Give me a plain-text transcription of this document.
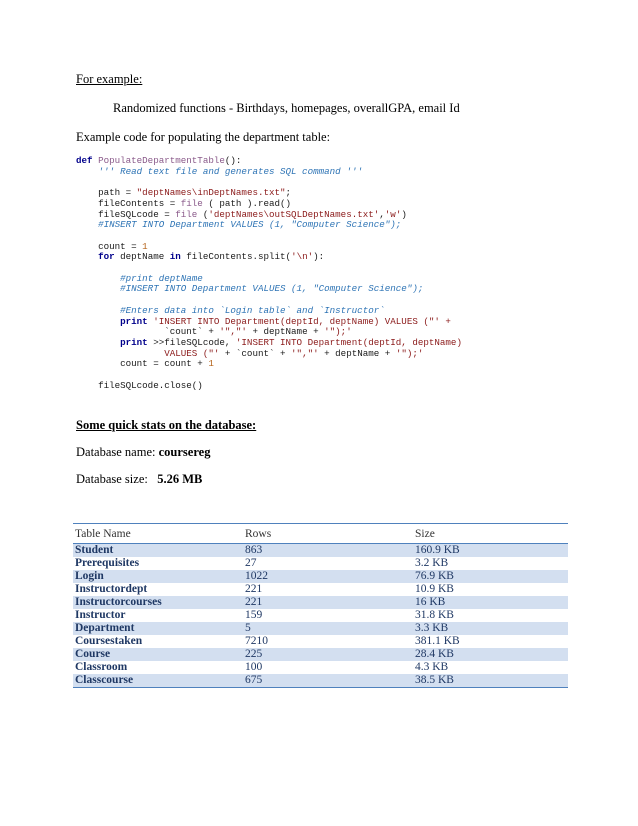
For example:
Randomized functions - Birthdays, homepages, overallGPA, email Id
Example code for populating the department table:
def PopulateDepartmentTable():
''' Read text file and generates SQL command '''

path = "deptNames\inDeptNames.txt";
fileContents = file ( path ).read()
fileSQLcode = file ('deptNames\outSQLDeptNames.txt','w')
#INSERT INTO Department VALUES (1, "Computer Science");

count = 1
for deptName in fileContents.split('\n'):

#print deptName
#INSERT INTO Department VALUES (1, "Computer Science");

#Enters data into `Login table` and `Instructor`
print 'INSERT INTO Department(deptId, deptName) VALUES ("' +
`count` + '","' + deptName + '");'
print >>fileSQLcode, 'INSERT INTO Department(deptId, deptName)
VALUES ("' + `count` + '","' + deptName + '");'
count = count + 1

fileSQLcode.close()
Some quick stats on the database:
Database name: coursereg
Database size:   5.26 MB
Table Name	Rows	Size
Student	863	160.9 KB
Prerequisites	27	3.2 KB
Login	1022	76.9 KB
Instructordept	221	10.9 KB
Instructorcourses	221	16 KB
Instructor	159	31.8 KB
Department	5	3.3 KB
Coursestaken	7210	381.1 KB
Course	225	28.4 KB
Classroom	100	4.3 KB
Classcourse	675	38.5 KB
